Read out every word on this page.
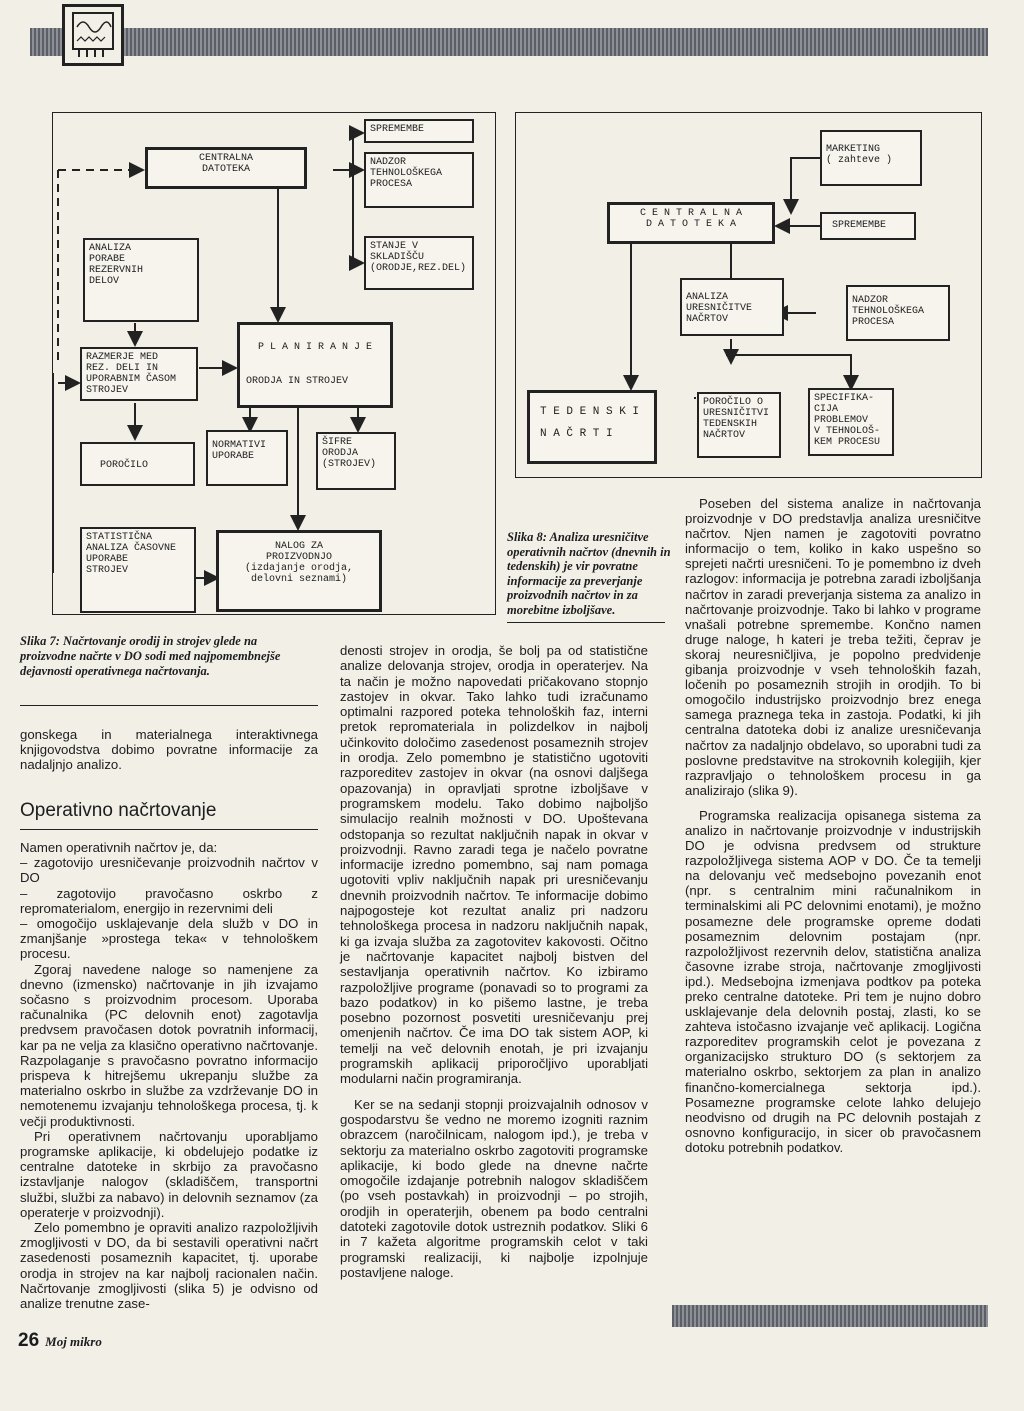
SPREMEMBE
CENTRALNA
DATOTEKA
NADZOR
TEHNOLOŠKEGA
PROCESA
STANJE V
SKLADIŠČU
(ORODJE,REZ.DEL)
ANALIZA
PORABE
REZERVNIH
DELOV

P L A N I R A N J E

ORODJA IN STROJEV

RAZMERJE MED
REZ. DELI IN
UPORABNIM ČASOM
STROJEV
POROČILO
NORMATIVI
UPORABE
ŠIFRE
ORODJA
(STROJEV)
STATISTIČNA
ANALIZA ČASOVNE
UPORABE
STROJEV
NALOG ZA
PROIZVODNJO
(izdajanje orodja,
delovni seznami)
Slika 7: Načrtovanje orodij in strojev glede na proizvodne načrte v DO sodi med najpomembnejše dejavnosti operativnega načrtovanja.
MARKETING
( zahteve )
C E N T R A L N A
D A T O T E K A	SPREMEMBE
ANALIZA
URESNIČITVE
NAČRTOV
NADZOR
TEHNOLOŠKEGA
PROCESA
T E D E N S K I

N A Č R T I
POROČILO O
URESNIČITVI
TEDENSKIH
NAČRTOV
SPECIFIKA-
CIJA
PROBLEMOV
V TEHNOLOŠ-
KEM PROCESU
Slika 8: Analiza uresničitve operativnih načrtov (dnevnih in tedenskih) je vir povratne informacije za preverjanje proizvodnih načrtov in za morebitne izboljšave.
gonskega in materialnega interaktivnega knjigovodstva dobimo povratne informacije za nadaljnjo analizo.
Operativno načrtovanje

Namen operativnih načrtov je, da:

– zagotovijo uresničevanje proizvodnih načrtov v DO

– zagotovijo pravočasno oskrbo z repromaterialom, energijo in rezervnimi deli

– omogočijo usklajevanje dela služb v DO in zmanjšanje »prostega teka« v tehnološkem procesu.

Zgoraj navedene naloge so namenjene za dnevno (izmensko) načrtovanje in jih izvajamo sočasno s proizvodnim procesom. Uporaba računalnika (PC delovnih enot) zagotavlja predvsem pravočasen dotok povratnih informacij, kar pa ne velja za klasično operativno načrtovanje. Razpolaganje s pravočasno povratno informacijo prispeva k hitrejšemu ukrepanju službe za materialno oskrbo in službe za vzdrževanje DO in nemotenemu izvajanju tehnološkega procesa, tj. k večji produktivnosti.

Pri operativnem načrtovanju uporabljamo programske aplikacije, ki obdelujejo podatke iz centralne datoteke in skrbijo za pravočasno izstavljanje nalogov (skladiščem, transportni službi, službi za nabavo) in delovnih seznamov (za operaterje v proizvodnji).

Zelo pomembno je opraviti analizo razpoložljivih zmogljivosti v DO, da bi sestavili operativni načrt zasedenosti posameznih kapacitet, tj. uporabe orodja in strojev na kar najbolj racionalen način. Načrtovanje zmogljivosti (slika 5) je odvisno od analize trenutne zase-

denosti strojev in orodja, še bolj pa od statistične analize delovanja strojev, orodja in operaterjev. Na ta način je možno napovedati pričakovano stopnjo zastojev in okvar. Tako lahko tudi izračunamo optimalni razpored poteka tehnoloških faz, interni pretok repromateriala in polizdelkov in najbolj učinkovito določimo zasedenost posameznih strojev in orodja. Zelo pomembno je statistično ugotoviti razporeditev zastojev in okvar (na osnovi daljšega opazovanja) in opravljati sprotne izboljšave v programskem modelu. Tako dobimo najboljšo simulacijo realnih možnosti v DO. Upoštevana odstopanja so rezultat naključnih napak in okvar v proizvodnji. Ravno zaradi tega je načelo povratne informacije izredno pomembno, saj nam pomaga ugotoviti vpliv naključnih napak pri uresničevanju dnevnih proizvodnih načrtov. Te informacije dobimo najpogosteje kot rezultat analiz pri nadzoru tehnološkega procesa in nadzoru naključnih napak, ki ga izvaja služba za zagotovitev kakovosti. Očitno je načrtovanje kapacitet najbolj bistven del sestavljanja operativnih načrtov. Ko izbiramo razpoložljive programe (ponavadi so to programi za bazo podatkov) in ko pišemo lastne, je treba posebno pozornost posvetiti uresničevanju prej omenjenih načrtov. Če ima DO tak sistem AOP, ki temelji na več delovnih enotah, je pri izvajanju programskih aplikacij priporočljivo uporabljati modularni način programiranja.

Ker se na sedanji stopnji proizvajalnih odnosov v gospodarstvu še vedno ne moremo izogniti raznim obrazcem (naročilnicam, nalogom ipd.), je treba v sektorju za materialno oskrbo zagotoviti programske aplikacije, ki bodo glede na dnevne načrte omogočile izdajanje potrebnih nalogov skladiščem (po vseh postavkah) in proizvodnji – po strojih, orodjih in operaterjih, obenem pa bodo centralni datoteki zagotovile dotok ustreznih podatkov. Sliki 6 in 7 kažeta algoritme programskih celot v taki programski realizaciji, ki najbolje izpolnjuje postavljene naloge.

Poseben del sistema analize in načrtovanja proizvodnje v DO predstavlja analiza uresničitve načrtov. Njen namen je zagotoviti povratno informacijo o tem, koliko in kako uspešno so sprejeti načrti uresničeni. To je pomembno iz dveh razlogov: informacija je potrebna zaradi izboljšanja načrtov in zaradi preverjanja sistema za analizo in načrtovanje proizvodnje. Tako bi lahko v programe vnašali potrebne spremembe. Končno namen druge naloge, h kateri je treba težiti, čeprav je skoraj neuresničljiva, je popolno predvidenje gibanja proizvodnje v vseh tehnoloških fazah, ločenih po posameznih strojih in orodjih. To bi omogočilo industrijsko proizvodnjo brez enega samega praznega teka in zastoja. Podatki, ki jih centralna datoteka dobi iz analize uresničevanja načrtov za nadaljnjo obdelavo, so uporabni tudi za poslovne predstavitve na strokovnih kolegijih, kjer razpravljajo o tehnološkem procesu in ga analizirajo (slika 9).

Programska realizacija opisanega sistema za analizo in načrtovanje proizvodnje v industrijskih DO je odvisna predvsem od strukture razpoložljivega sistema AOP v DO. Če ta temelji na delovanju več medsebojno povezanih enot (npr. s centralnim mini računalnikom in terminalskimi ali PC delovnimi enotami), je možno posamezne dele programske opreme dodati posameznim delovnim postajam (npr. razpoložljivost rezervnih delov, statistična analiza časovne izrabe stroja, načrtovanje zmogljivosti ipd.). Medsebojna izmenjava podtkov pa poteka preko centralne datoteke. Pri tem je nujno dobro usklajevanje dela delovnih postaj, zlasti, ko se zahteva istočasno izvajanje več aplikacij. Logična razporeditev programskih celot je povezana z organizacijsko strukturo DO (s sektorjem za materialno oskrbo, sektorjem za plan in analizo finančno-komercialnega sektorja ipd.). Posamezne programske celote lahko delujejo neodvisno od drugih na PC delovnih postajah z osnovno konfiguracijo, in sicer ob pravočasnem dotoku potrebnih podatkov.

26 Moj mikro
